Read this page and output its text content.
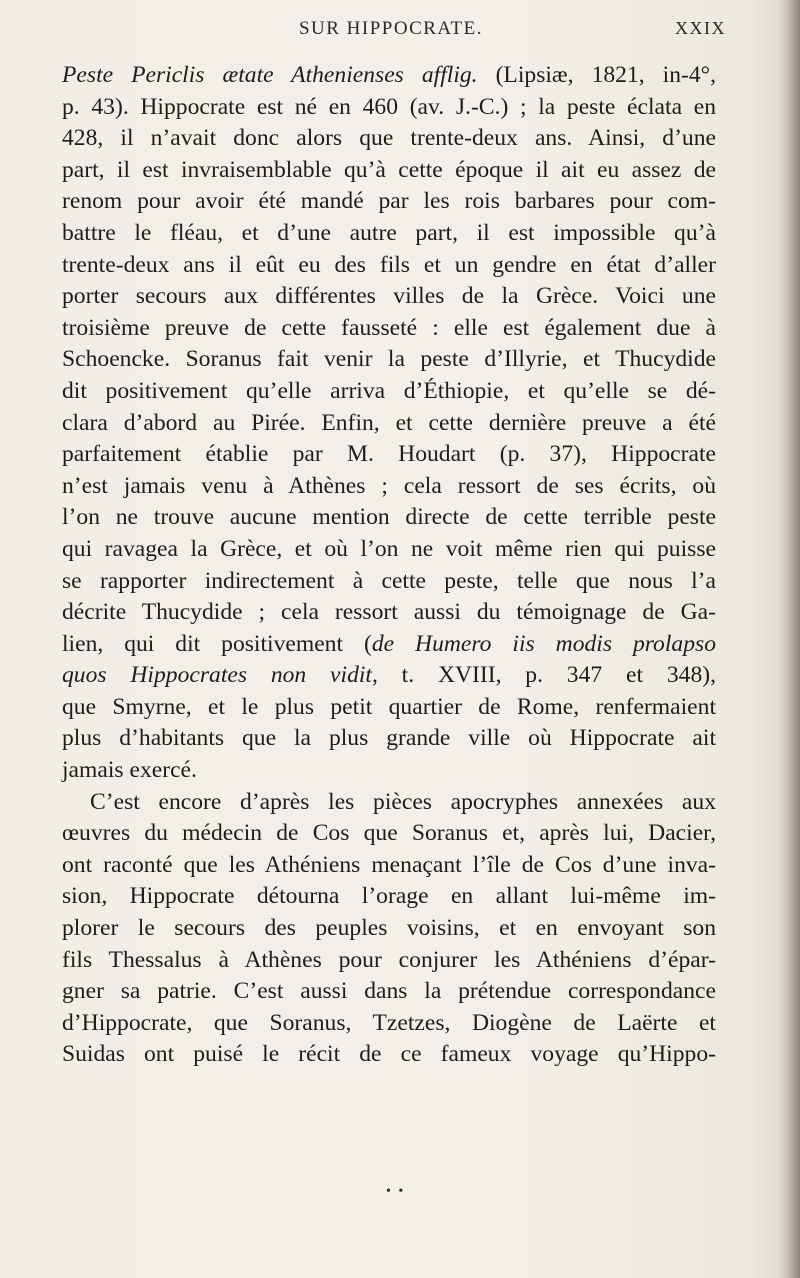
SUR HIPPOCRATE.	XXIX
Peste Periclis ætate Athenienses afflig. (Lipsiæ, 1821, in-4°,
p. 43). Hippocrate est né en 460 (av. J.-C.) ; la peste éclata en
428, il n’avait donc alors que trente-deux ans. Ainsi, d’une
part, il est invraisemblable qu’à cette époque il ait eu assez de
renom pour avoir été mandé par les rois barbares pour com-
battre le fléau, et d’une autre part, il est impossible qu’à
trente-deux ans il eût eu des fils et un gendre en état d’aller
porter secours aux différentes villes de la Grèce. Voici une
troisième preuve de cette fausseté : elle est également due à
Schoencke. Soranus fait venir la peste d’Illyrie, et Thucydide
dit positivement qu’elle arriva d’Éthiopie, et qu’elle se dé-
clara d’abord au Pirée. Enfin, et cette dernière preuve a été
parfaitement établie par M. Houdart (p. 37), Hippocrate
n’est jamais venu à Athènes ; cela ressort de ses écrits, où
l’on ne trouve aucune mention directe de cette terrible peste
qui ravagea la Grèce, et où l’on ne voit même rien qui puisse
se rapporter indirectement à cette peste, telle que nous l’a
décrite Thucydide ; cela ressort aussi du témoignage de Ga-
lien, qui dit positivement (de Humero iis modis prolapso
quos Hippocrates non vidit, t. XVIII, p. 347 et 348),
que Smyrne, et le plus petit quartier de Rome, renfermaient
plus d’habitants que la plus grande ville où Hippocrate ait
jamais exercé.
C’est encore d’après les pièces apocryphes annexées aux
œuvres du médecin de Cos que Soranus et, après lui, Dacier,
ont raconté que les Athéniens menaçant l’île de Cos d’une inva-
sion, Hippocrate détourna l’orage en allant lui-même im-
plorer le secours des peuples voisins, et en envoyant son
fils Thessalus à Athènes pour conjurer les Athéniens d’épar-
gner sa patrie. C’est aussi dans la prétendue correspondance
d’Hippocrate, que Soranus, Tzetzes, Diogène de Laërte et
Suidas ont puisé le récit de ce fameux voyage qu’Hippo-
• •
